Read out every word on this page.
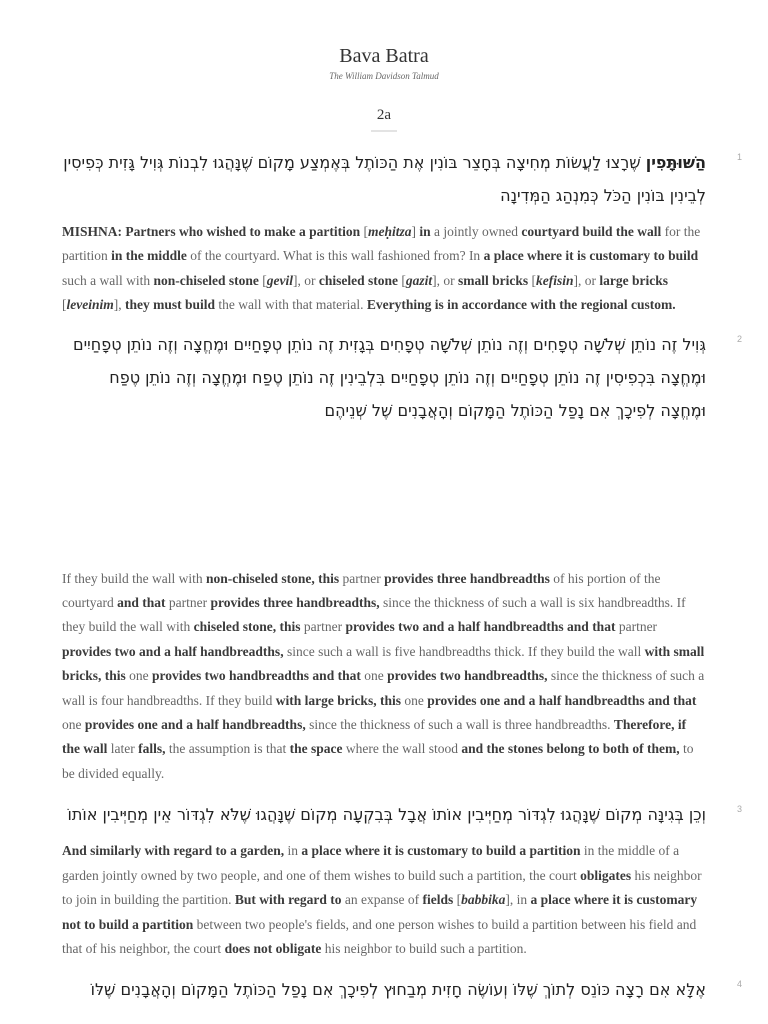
Bava Batra
The William Davidson Talmud
2a
1
הַשּׁוּתָּפִין שֶׁרָצוּ לַעֲשׂוֹת מְחִיצָה בְּחָצֵר בּוֹנִין אֶת הַכּוֹתֶל בְּאֶמְצַע מָקוֹם שֶׁנָּהֲגוּ לִבְנוֹת גְּוִיל גָּזִית כְּפִיסִין לְבֵינִין בּוֹנִין הַכֹּל כְּמִנְהַג הַמְּדִינָה
MISHNA: Partners who wished to make a partition [meḥitza] in a jointly owned courtyard build the wall for the partition in the middle of the courtyard. What is this wall fashioned from? In a place where it is customary to build such a wall with non-chiseled stone [gevil], or chiseled stone [gazit], or small bricks [kefisin], or large bricks [leveinim], they must build the wall with that material. Everything is in accordance with the regional custom.
2
גְּוִיל זֶה נוֹתֵן שְׁלֹשָׁה טְפָחִים וְזֶה נוֹתֵן שְׁלֹשָׁה טְפָחִים בְּגָזִית זֶה נוֹתֵן טְפָחַיִים וּמֶחֱצָה וְזֶה נוֹתֵן טְפָחַיִים וּמֶחֱצָה בִּכְפִיסִין זֶה נוֹתֵן טְפָחַיִים וְזֶה נוֹתֵן טְפָחַיִים בִּלְבֵינִין זֶה נוֹתֵן טֶפַח וּמֶחֱצָה וְזֶה נוֹתֵן טֶפַח וּמֶחֱצָה לְפִיכָךְ אִם נָפַל הַכּוֹתֶל הַמָּקוֹם וְהָאֲבָנִים שֶׁל שְׁנֵיהֶם
If they build the wall with non-chiseled stone, this partner provides three handbreadths of his portion of the courtyard and that partner provides three handbreadths, since the thickness of such a wall is six handbreadths. If they build the wall with chiseled stone, this partner provides two and a half handbreadths and that partner provides two and a half handbreadths, since such a wall is five handbreadths thick. If they build the wall with small bricks, this one provides two handbreadths and that one provides two handbreadths, since the thickness of such a wall is four handbreadths. If they build with large bricks, this one provides one and a half handbreadths and that one provides one and a half handbreadths, since the thickness of such a wall is three handbreadths. Therefore, if the wall later falls, the assumption is that the space where the wall stood and the stones belong to both of them, to be divided equally.
3
וְכֵן בְּגִינָּה מְקוֹם שֶׁנָּהֲגוּ לִגְדּוֹר מְחַיְּיבִין אוֹתוֹ אֲבָל בְּבִקְעָה מְקוֹם שֶׁנָּהֲגוּ שֶׁלֹּא לִגְדּוֹר אֵין מְחַיְּיבִין אוֹתוֹ
And similarly with regard to a garden, in a place where it is customary to build a partition in the middle of a garden jointly owned by two people, and one of them wishes to build such a partition, the court obligates his neighbor to join in building the partition. But with regard to an expanse of fields [babbika], in a place where it is customary not to build a partition between two people's fields, and one person wishes to build a partition between his field and that of his neighbor, the court does not obligate his neighbor to build such a partition.
4
אֶלָּא אִם רָצָה כּוֹנֵס לְתוֹךְ שֶׁלּוֹ וְעוֹשֶׂה חָזִית מְבַחוּץ לְפִיכָךְ אִם נָפַל הַכּוֹתֶל הַמָּקוֹם וְהָאֲבָנִים שֶׁלּוֹ
